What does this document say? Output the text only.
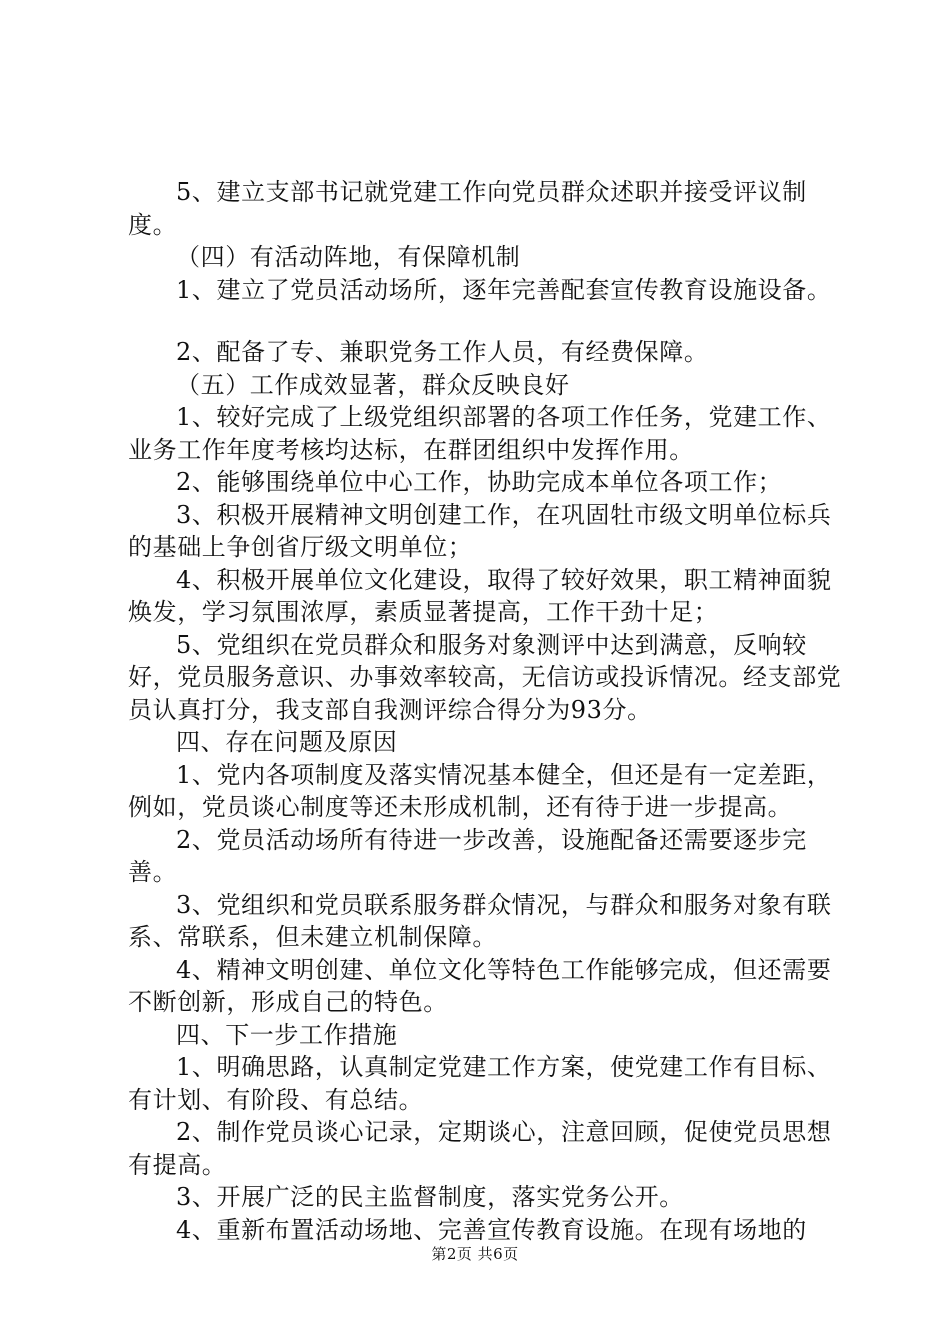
5、建立支部书记就党建工作向党员群众述职并接受评议制度。

（四）有活动阵地，有保障机制

1、建立了党员活动场所，逐年完善配套宣传教育设施设备。

2、配备了专、兼职党务工作人员，有经费保障。

（五）工作成效显著，群众反映良好

1、较好完成了上级党组织部署的各项工作任务，党建工作、业务工作年度考核均达标，在群团组织中发挥作用。

2、能够围绕单位中心工作，协助完成本单位各项工作；

3、积极开展精神文明创建工作，在巩固牡市级文明单位标兵的基础上争创省厅级文明单位；

4、积极开展单位文化建设，取得了较好效果，职工精神面貌焕发，学习氛围浓厚，素质显著提高，工作干劲十足；

5、党组织在党员群众和服务对象测评中达到满意，反响较好，党员服务意识、办事效率较高，无信访或投诉情况。经支部党员认真打分，我支部自我测评综合得分为93分。

四、存在问题及原因

1、党内各项制度及落实情况基本健全，但还是有一定差距，例如，党员谈心制度等还未形成机制，还有待于进一步提高。

2、党员活动场所有待进一步改善，设施配备还需要逐步完善。

3、党组织和党员联系服务群众情况，与群众和服务对象有联系、常联系，但未建立机制保障。

4、精神文明创建、单位文化等特色工作能够完成，但还需要不断创新，形成自己的特色。

四、下一步工作措施

1、明确思路，认真制定党建工作方案，使党建工作有目标、有计划、有阶段、有总结。

2、制作党员谈心记录，定期谈心，注意回顾，促使党员思想有提高。

3、开展广泛的民主监督制度，落实党务公开。

4、重新布置活动场地、完善宣传教育设施。在现有场地的

第2页 共6页
